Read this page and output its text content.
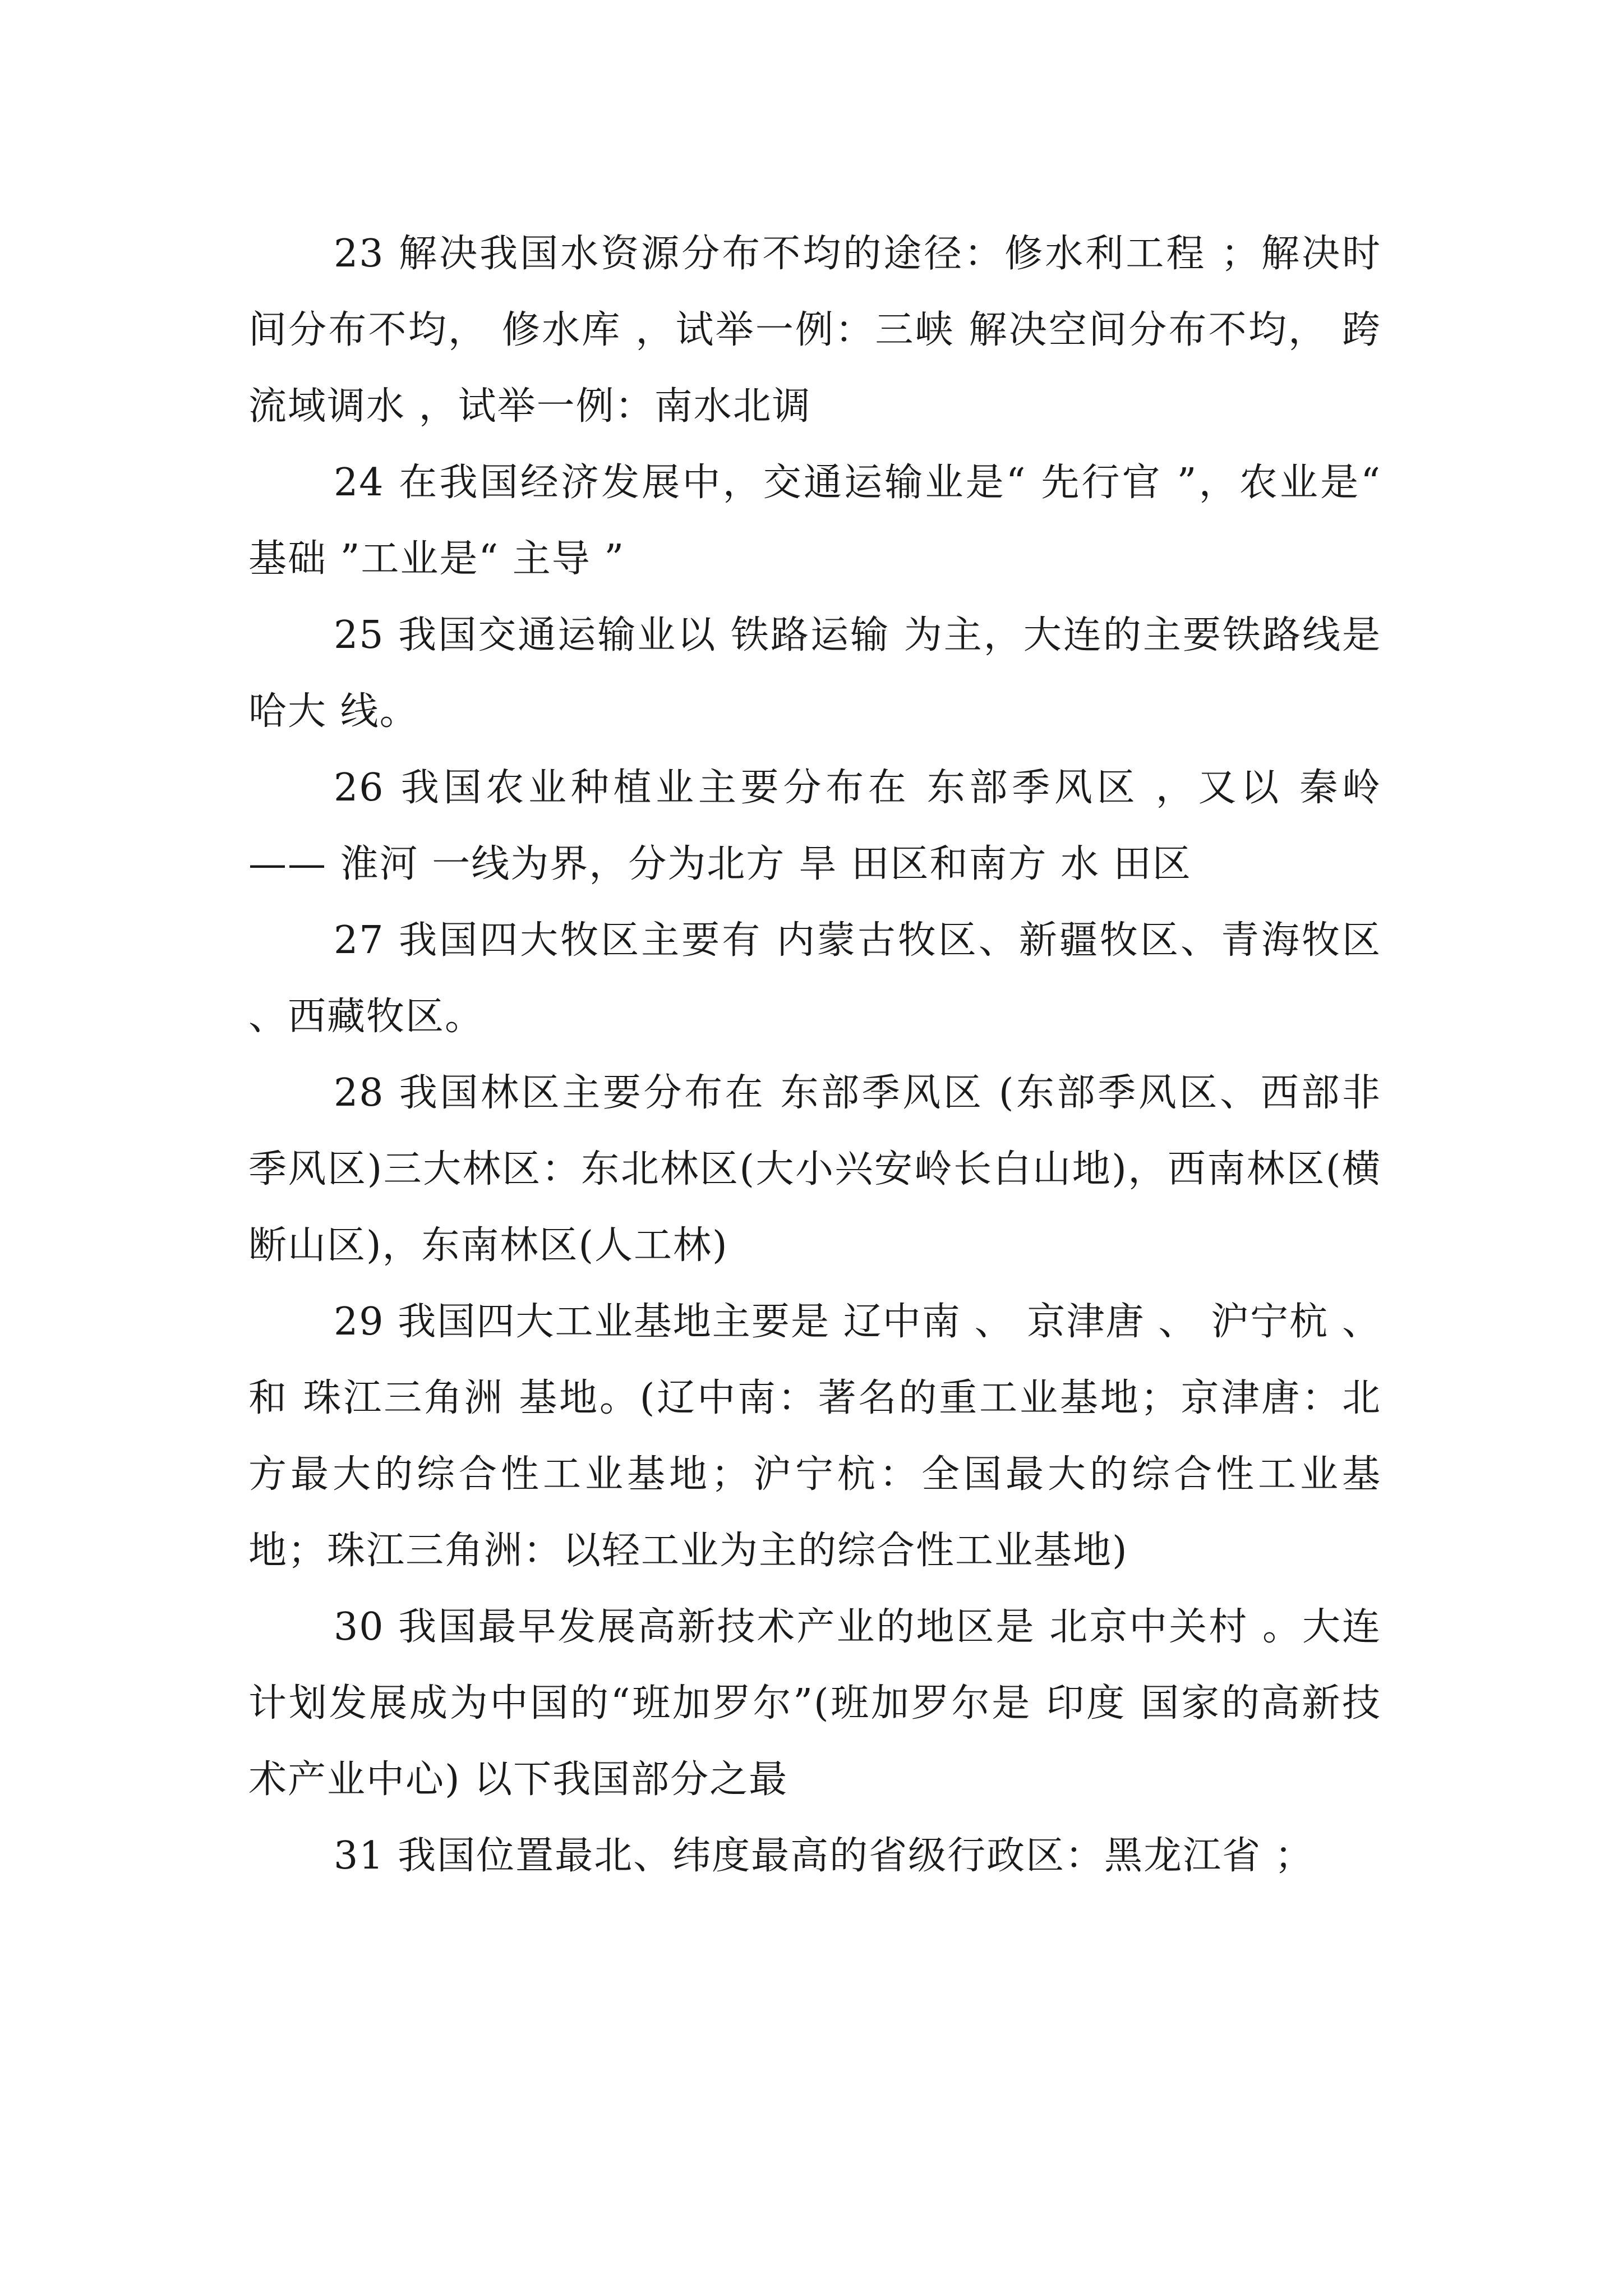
23 解决我国水资源分布不均的途径：修水利工程 ；解决时间分布不均， 修水库 ，试举一例：三峡 解决空间分布不均， 跨流域调水 ，试举一例：南水北调

24 在我国经济发展中，交通运输业是“ 先行官 ”，农业是“ 基础 ”工业是“ 主导 ”

25 我国交通运输业以 铁路运输 为主，大连的主要铁路线是 哈大 线。

26 我国农业种植业主要分布在 东部季风区 ，又以 秦岭 —— 淮河 一线为界，分为北方 旱 田区和南方 水 田区

27 我国四大牧区主要有 内蒙古牧区、新疆牧区、青海牧区 、西藏牧区。

28 我国林区主要分布在 东部季风区 (东部季风区、西部非季风区)三大林区：东北林区(大小兴安岭长白山地)，西南林区(横断山区)，东南林区(人工林)

29 我国四大工业基地主要是 辽中南 、 京津唐 、 沪宁杭 、和 珠江三角洲 基地。(辽中南：著名的重工业基地；京津唐：北方最大的综合性工业基地；沪宁杭：全国最大的综合性工业基地；珠江三角洲：以轻工业为主的综合性工业基地)

30 我国最早发展高新技术产业的地区是 北京中关村 。大连计划发展成为中国的“班加罗尔”(班加罗尔是 印度 国家的高新技术产业中心) 以下我国部分之最

31 我国位置最北、纬度最高的省级行政区：黑龙江省 ；
